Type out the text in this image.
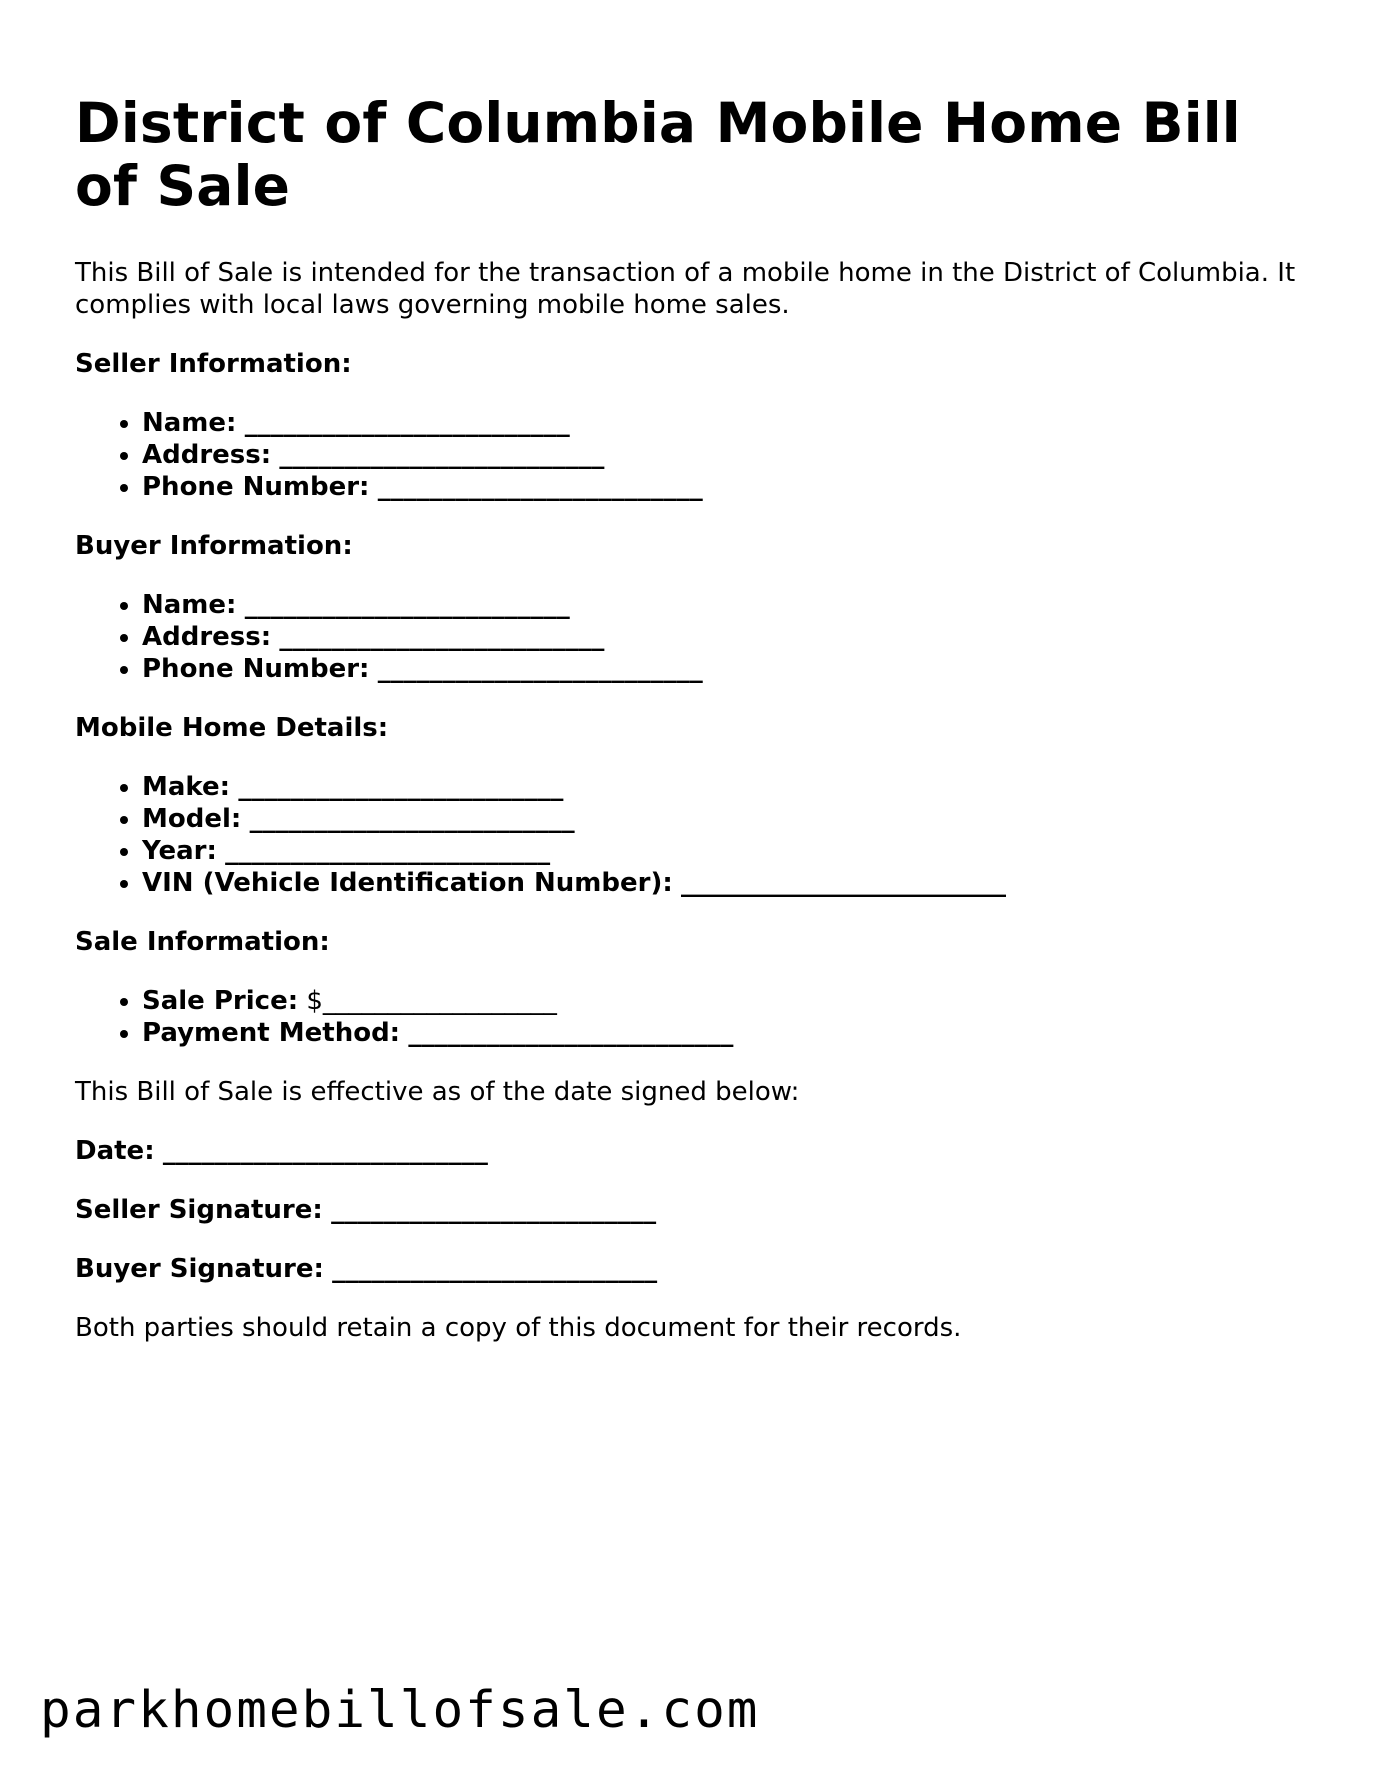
District of Columbia Mobile Home Bill of Sale

This Bill of Sale is intended for the transaction of a mobile home in the District of Columbia. It complies with local laws governing mobile home sales.

Seller Information:
• Name: _________________________
• Address: _________________________
• Phone Number: _________________________
Buyer Information:
• Name: _________________________
• Address: _________________________
• Phone Number: _________________________
Mobile Home Details:
• Make: _________________________
• Model: _________________________
• Year: _________________________
• VIN (Vehicle Identification Number): _________________________
Sale Information:
• Sale Price: $__________________
• Payment Method: _________________________

This Bill of Sale is effective as of the date signed below:

Date: _________________________
Seller Signature: _________________________
Buyer Signature: _________________________

Both parties should retain a copy of this document for their records.

parkhomebillofsale.com
